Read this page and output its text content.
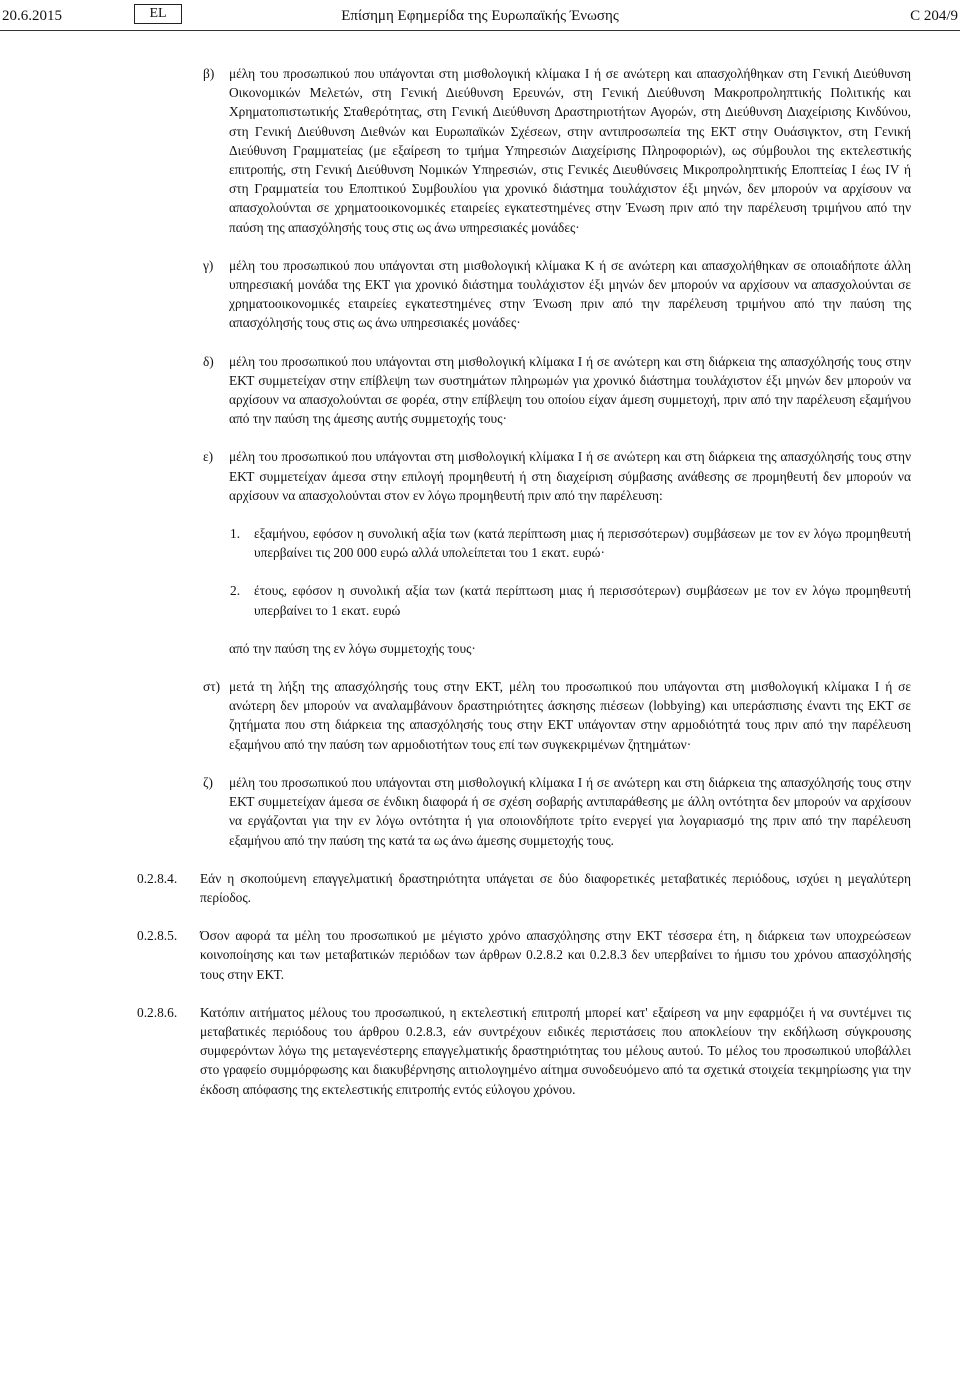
20.6.2015	EL	Επίσημη Εφημερίδα της Ευρωπαϊκής Ένωσης	C 204/9
β) μέλη του προσωπικού που υπάγονται στη μισθολογική κλίμακα I ή σε ανώτερη και απασχολήθηκαν στη Γενική Διεύθυνση Οικονομικών Μελετών, στη Γενική Διεύθυνση Ερευνών, στη Γενική Διεύθυνση Μακροπροληπτικής Πολιτικής και Χρηματοπιστωτικής Σταθερότητας, στη Γενική Διεύθυνση Δραστηριοτήτων Αγορών, στη Διεύθυνση Διαχείρισης Κινδύνου, στη Γενική Διεύθυνση Διεθνών και Ευρωπαϊκών Σχέσεων, στην αντιπροσωπεία της ΕΚΤ στην Ουάσιγκτον, στη Γενική Διεύθυνση Γραμματείας (με εξαίρεση το τμήμα Υπηρεσιών Διαχείρισης Πληροφοριών), ως σύμβουλοι της εκτελεστικής επιτροπής, στη Γενική Διεύθυνση Νομικών Υπηρεσιών, στις Γενικές Διευθύνσεις Μικροπροληπτικής Εποπτείας I έως IV ή στη Γραμματεία του Εποπτικού Συμβουλίου για χρονικό διάστημα τουλάχιστον έξι μηνών, δεν μπορούν να αρχίσουν να απασχολούνται σε χρηματοοικονομικές εταιρείες εγκατεστημένες στην Ένωση πριν από την παρέλευση τριμήνου από την παύση της απασχόλησής τους στις ως άνω υπηρεσιακές μονάδες·
γ) μέλη του προσωπικού που υπάγονται στη μισθολογική κλίμακα K ή σε ανώτερη και απασχολήθηκαν σε οποιαδήποτε άλλη υπηρεσιακή μονάδα της ΕΚΤ για χρονικό διάστημα τουλάχιστον έξι μηνών δεν μπορούν να αρχίσουν να απασχολούνται σε χρηματοοικονομικές εταιρείες εγκατεστημένες στην Ένωση πριν από την παρέλευση τριμήνου από την παύση της απασχόλησής τους στις ως άνω υπηρεσιακές μονάδες·
δ) μέλη του προσωπικού που υπάγονται στη μισθολογική κλίμακα I ή σε ανώτερη και στη διάρκεια της απασχόλησής τους στην ΕΚΤ συμμετείχαν στην επίβλεψη των συστημάτων πληρωμών για χρονικό διάστημα τουλάχιστον έξι μηνών δεν μπορούν να αρχίσουν να απασχολούνται σε φορέα, στην επίβλεψη του οποίου είχαν άμεση συμμετοχή, πριν από την παρέλευση εξαμήνου από την παύση της άμεσης αυτής συμμετοχής τους·
ε) μέλη του προσωπικού που υπάγονται στη μισθολογική κλίμακα I ή σε ανώτερη και στη διάρκεια της απασχόλησής τους στην ΕΚΤ συμμετείχαν άμεσα στην επιλογή προμηθευτή ή στη διαχείριση σύμβασης ανάθεσης σε προμηθευτή δεν μπορούν να αρχίσουν να απασχολούνται στον εν λόγω προμηθευτή πριν από την παρέλευση:
1. εξαμήνου, εφόσον η συνολική αξία των (κατά περίπτωση μιας ή περισσότερων) συμβάσεων με τον εν λόγω προμηθευτή υπερβαίνει τις 200 000 ευρώ αλλά υπολείπεται του 1 εκατ. ευρώ·
2. έτους, εφόσον η συνολική αξία των (κατά περίπτωση μιας ή περισσότερων) συμβάσεων με τον εν λόγω προμηθευτή υπερβαίνει το 1 εκατ. ευρώ
από την παύση της εν λόγω συμμετοχής τους·
στ) μετά τη λήξη της απασχόλησής τους στην ΕΚΤ, μέλη του προσωπικού που υπάγονται στη μισθολογική κλίμακα I ή σε ανώτερη δεν μπορούν να αναλαμβάνουν δραστηριότητες άσκησης πιέσεων (lobbying) και υπεράσπισης έναντι της ΕΚΤ σε ζητήματα που στη διάρκεια της απασχόλησής τους στην ΕΚΤ υπάγονταν στην αρμοδιότητά τους πριν από την παρέλευση εξαμήνου από την παύση των αρμοδιοτήτων τους επί των συγκεκριμένων ζητημάτων·
ζ) μέλη του προσωπικού που υπάγονται στη μισθολογική κλίμακα I ή σε ανώτερη και στη διάρκεια της απασχόλησής τους στην ΕΚΤ συμμετείχαν άμεσα σε ένδικη διαφορά ή σε σχέση σοβαρής αντιπαράθεσης με άλλη οντότητα δεν μπορούν να αρχίσουν να εργάζονται για την εν λόγω οντότητα ή για οποιονδήποτε τρίτο ενεργεί για λογαριασμό της πριν από την παρέλευση εξαμήνου από την παύση της κατά τα ως άνω άμεσης συμμετοχής τους.
0.2.8.4. Εάν η σκοπούμενη επαγγελματική δραστηριότητα υπάγεται σε δύο διαφορετικές μεταβατικές περιόδους, ισχύει η μεγαλύτερη περίοδος.
0.2.8.5. Όσον αφορά τα μέλη του προσωπικού με μέγιστο χρόνο απασχόλησης στην ΕΚΤ τέσσερα έτη, η διάρκεια των υποχρεώσεων κοινοποίησης και των μεταβατικών περιόδων των άρθρων 0.2.8.2 και 0.2.8.3 δεν υπερβαίνει το ήμισυ του χρόνου απασχόλησής τους στην ΕΚΤ.
0.2.8.6. Κατόπιν αιτήματος μέλους του προσωπικού, η εκτελεστική επιτροπή μπορεί κατ' εξαίρεση να μην εφαρμόζει ή να συντέμνει τις μεταβατικές περιόδους του άρθρου 0.2.8.3, εάν συντρέχουν ειδικές περιστάσεις που αποκλείουν την εκδήλωση σύγκρουσης συμφερόντων λόγω της μεταγενέστερης επαγγελματικής δραστηριότητας του μέλους αυτού. Το μέλος του προσωπικού υποβάλλει στο γραφείο συμμόρφωσης και διακυβέρνησης αιτιολογημένο αίτημα συνοδευόμενο από τα σχετικά στοιχεία τεκμηρίωσης για την έκδοση απόφασης της εκτελεστικής επιτροπής εντός εύλογου χρόνου.
